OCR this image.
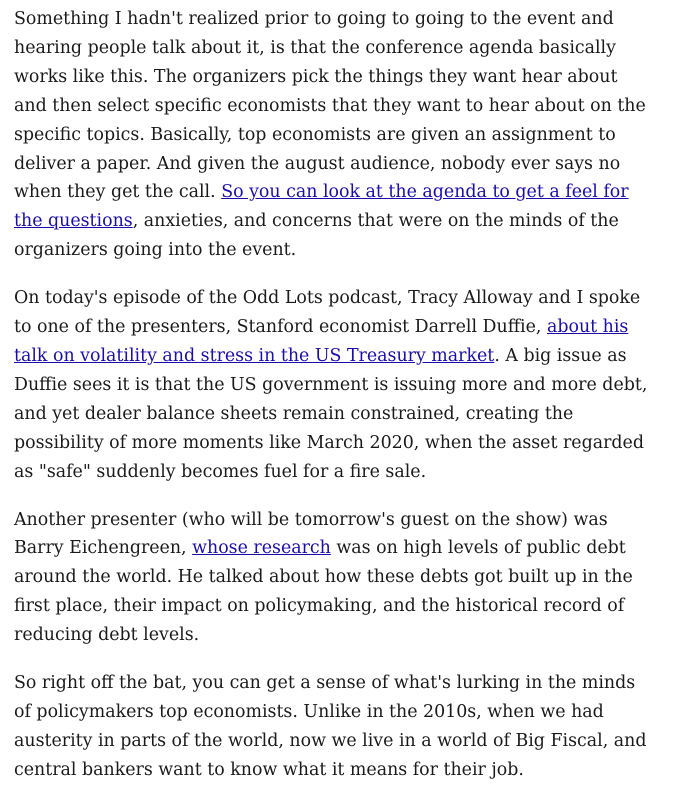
Something I hadn't realized prior to going to going to the event and hearing people talk about it, is that the conference agenda basically works like this. The organizers pick the things they want hear about and then select specific economists that they want to hear about on the specific topics. Basically, top economists are given an assignment to deliver a paper. And given the august audience, nobody ever says no when they get the call. So you can look at the agenda to get a feel for the questions, anxieties, and concerns that were on the minds of the organizers going into the event.

On today's episode of the Odd Lots podcast, Tracy Alloway and I spoke to one of the presenters, Stanford economist Darrell Duffie, about his talk on volatility and stress in the US Treasury market. A big issue as Duffie sees it is that the US government is issuing more and more debt, and yet dealer balance sheets remain constrained, creating the possibility of more moments like March 2020, when the asset regarded as "safe" suddenly becomes fuel for a fire sale.

Another presenter (who will be tomorrow's guest on the show) was Barry Eichengreen, whose research was on high levels of public debt around the world. He talked about how these debts got built up in the first place, their impact on policymaking, and the historical record of reducing debt levels.

So right off the bat, you can get a sense of what's lurking in the minds of policymakers top economists. Unlike in the 2010s, when we had austerity in parts of the world, now we live in a world of Big Fiscal, and central bankers want to know what it means for their job.
